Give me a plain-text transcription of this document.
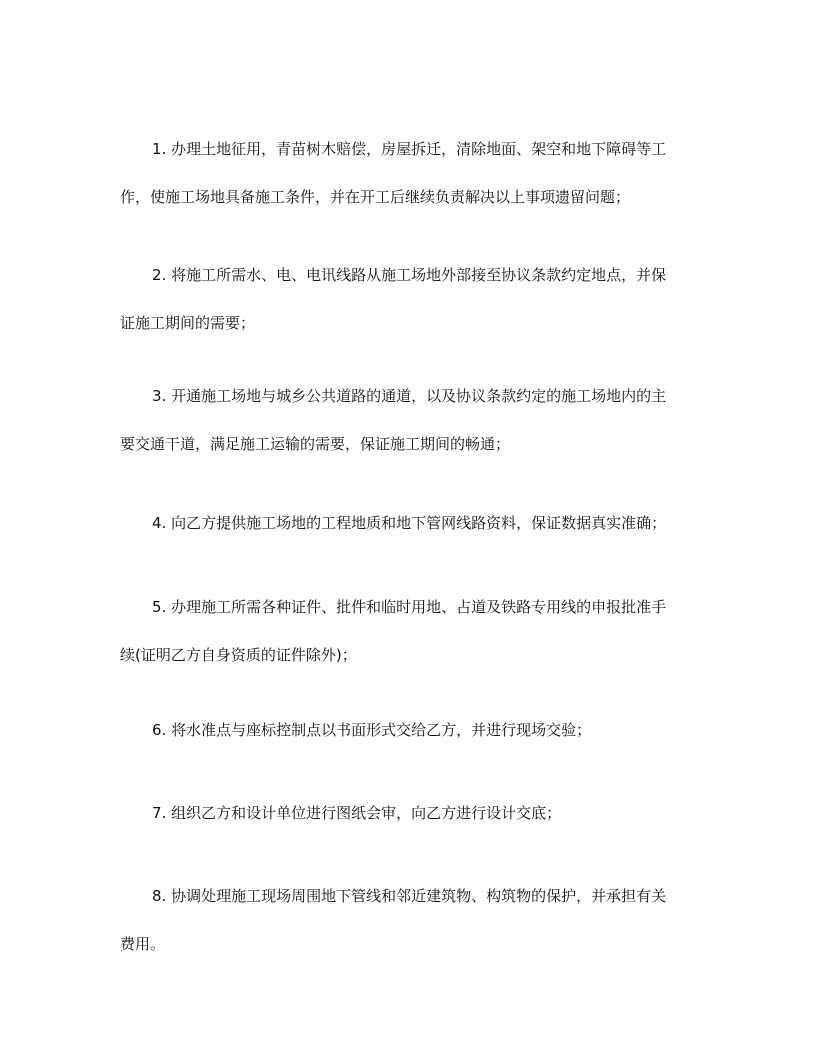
1. 办理土地征用，青苗树木赔偿，房屋拆迁，清除地面、架空和地下障碍等工
作，使施工场地具备施工条件，并在开工后继续负责解决以上事项遗留问题；

2. 将施工所需水、电、电讯线路从施工场地外部接至协议条款约定地点，并保
证施工期间的需要；

3. 开通施工场地与城乡公共道路的通道，以及协议条款约定的施工场地内的主
要交通干道，满足施工运输的需要，保证施工期间的畅通；

4. 向乙方提供施工场地的工程地质和地下管网线路资料，保证数据真实准确；

5. 办理施工所需各种证件、批件和临时用地、占道及铁路专用线的申报批准手
续(证明乙方自身资质的证件除外)；

6. 将水准点与座标控制点以书面形式交给乙方，并进行现场交验；

7. 组织乙方和设计单位进行图纸会审，向乙方进行设计交底；

8. 协调处理施工现场周围地下管线和邻近建筑物、构筑物的保护，并承担有关
费用。
